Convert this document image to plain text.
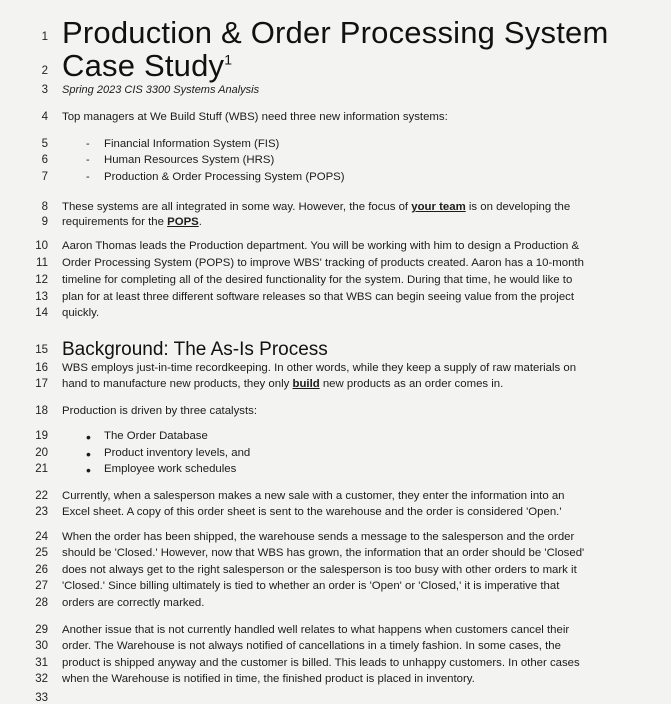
1
2
3
4
5
6
7
8
9
10
11
12
13
14
15
16
17
18
19
20
21
22
23
24
25
26
27
28
29
30
31
32
33
Production & Order Processing System
Case Study$^1$
Spring 2023 CIS 3300 Systems Analysis
Top managers at We Build Stuff (WBS) need three new information systems:
- Financial Information System (FIS)
- Human Resources System (HRS)
- Production & Order Processing System (POPS)
These systems are all integrated in some way. However, the focus of your team is on developing the
requirements for the POPS.
Aaron Thomas leads the Production department. You will be working with him to design a Production &
Order Processing System (POPS) to improve WBS' tracking of products created. Aaron has a 10-month
timeline for completing all of the desired functionality for the system. During that time, he would like to
plan for at least three different software releases so that WBS can begin seeing value from the project
quickly.
Background: The As-Is Process
WBS employs just-in-time recordkeeping. In other words, while they keep a supply of raw materials on
hand to manufacture new products, they only build new products as an order comes in.
Production is driven by three catalysts:
• The Order Database
• Product inventory levels, and
• Employee work schedules
Currently, when a salesperson makes a new sale with a customer, they enter the information into an
Excel sheet. A copy of this order sheet is sent to the warehouse and the order is considered 'Open.'
When the order has been shipped, the warehouse sends a message to the salesperson and the order
should be 'Closed.' However, now that WBS has grown, the information that an order should be 'Closed'
does not always get to the right salesperson or the salesperson is too busy with other orders to mark it
'Closed.' Since billing ultimately is tied to whether an order is 'Open' or 'Closed,' it is imperative that
orders are correctly marked.
Another issue that is not currently handled well relates to what happens when customers cancel their
order. The Warehouse is not always notified of cancellations in a timely fashion. In some cases, the
product is shipped anyway and the customer is billed. This leads to unhappy customers. In other cases
when the Warehouse is notified in time, the finished product is placed in inventory.
